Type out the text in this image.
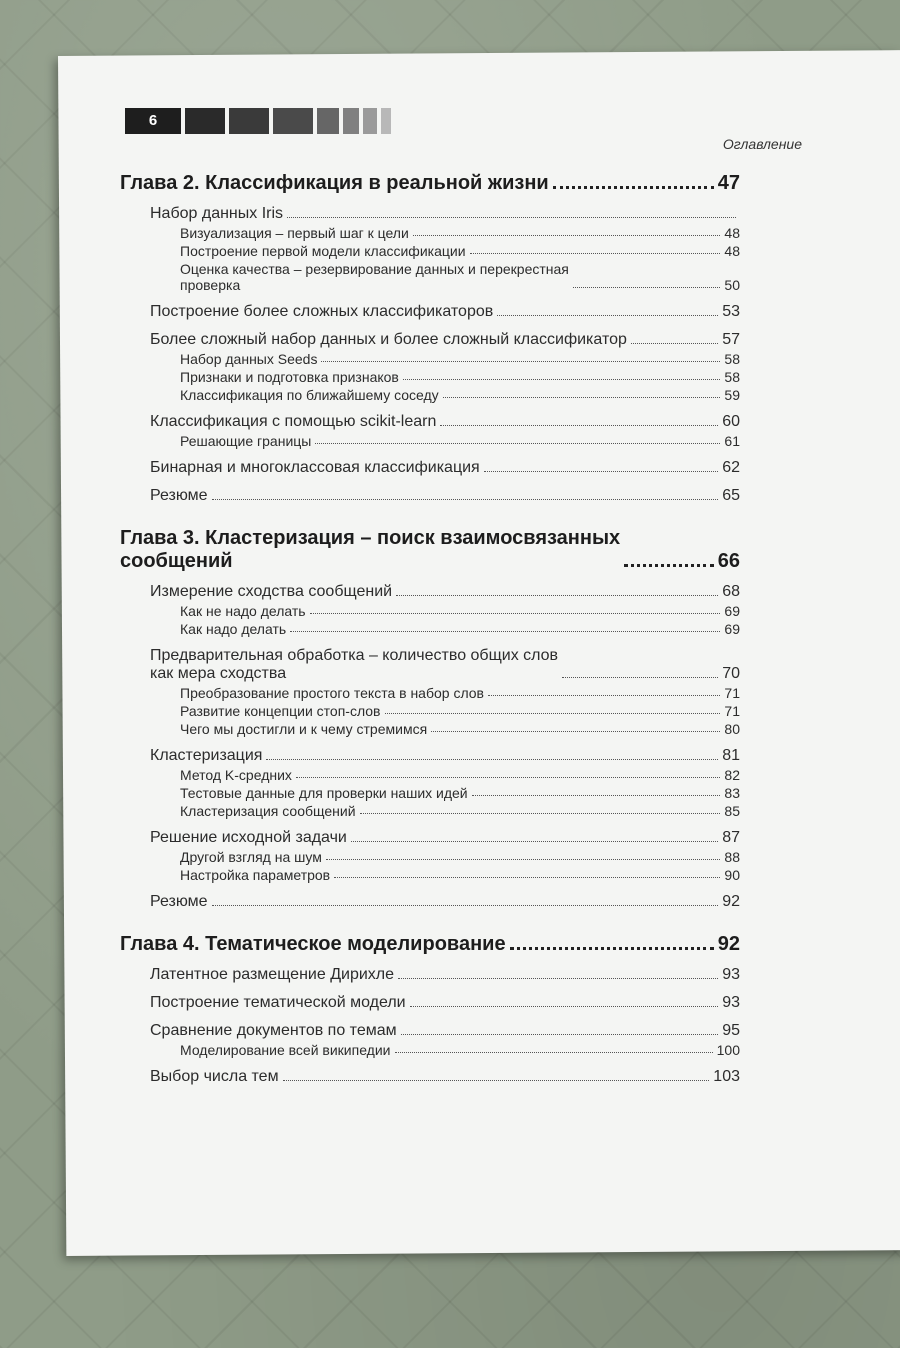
6
Оглавление
Глава 2. Классификация в реальной жизни	47
Набор данных Iris
Визуализация – первый шаг к цели	48
Построение первой модели классификации	48
Оценка качества – резервирование данных и перекрестная
проверка	50
Построение более сложных классификаторов	53
Более сложный набор данных и более сложный классификатор	57
Набор данных Seeds	58
Признаки и подготовка признаков	58
Классификация по ближайшему соседу	59
Классификация с помощью scikit-learn	60
Решающие границы	61
Бинарная и многоклассовая классификация	62
Резюме	65
Глава 3. Кластеризация – поиск взаимосвязанных
сообщений	66
Измерение сходства сообщений	68
Как не надо делать	69
Как надо делать	69
Предварительная обработка – количество общих слов
как мера сходства	70
Преобразование простого текста в набор слов	71
Развитие концепции стоп-слов	71
Чего мы достигли и к чему стремимся	80
Кластеризация	81
Метод K-средних	82
Тестовые данные для проверки наших идей	83
Кластеризация сообщений	85
Решение исходной задачи	87
Другой взгляд на шум	88
Настройка параметров	90
Резюме	92
Глава 4. Тематическое моделирование	92
Латентное размещение Дирихле	93
Построение тематической модели	93
Сравнение документов по темам	95
Моделирование всей википедии	100
Выбор числа тем	103
